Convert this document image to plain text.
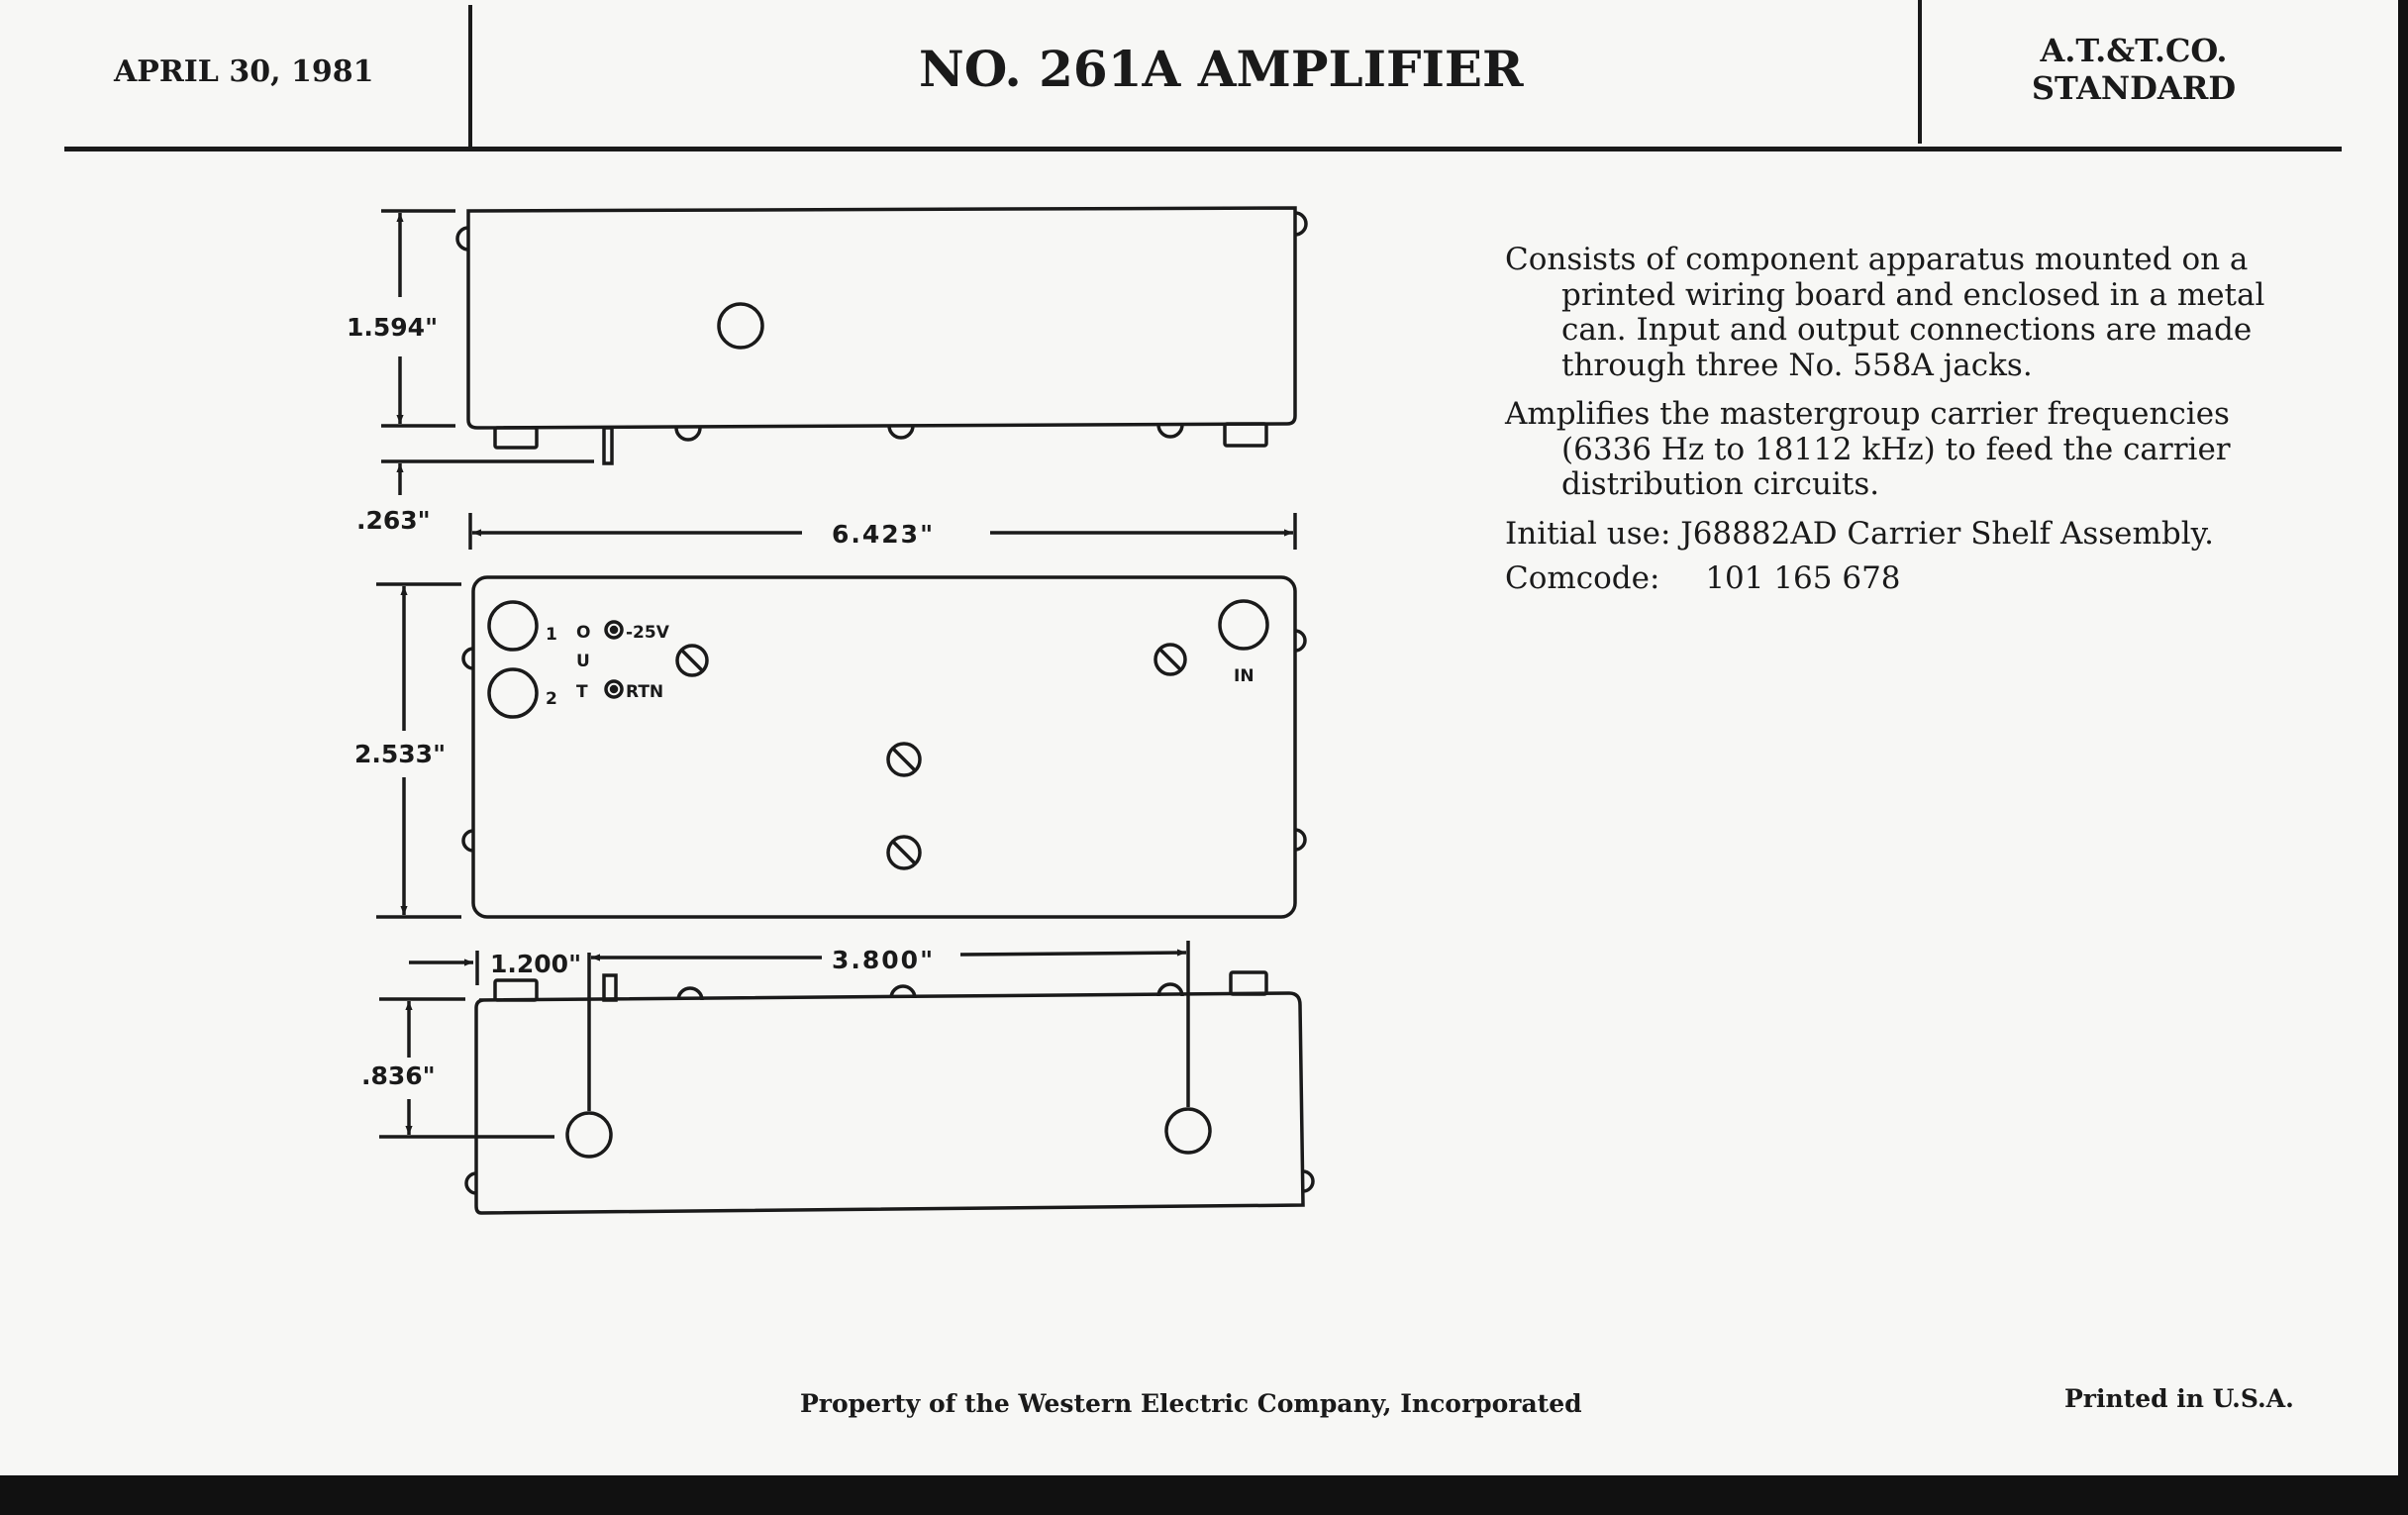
APRIL 30, 1981	NO. 261A AMPLIFIER	A.T.&T.CO.
STANDARD
1.594"
.263"	6.423"
2.533"
1.200"	3.800"
.836"
1
2
O
U
T
-25V
RTN
IN

Consists of component apparatus mounted on a printed wiring board and enclosed in a metal can. Input and output connections are made through three No. 558A jacks.

Amplifies the mastergroup carrier frequencies (6336 Hz to 18112 kHz) to feed the carrier distribution circuits.

Initial use: J68882AD Carrier Shelf Assembly.
Comcode: 101 165 678
Property of the Western Electric Company, Incorporated	Printed in U.S.A.
